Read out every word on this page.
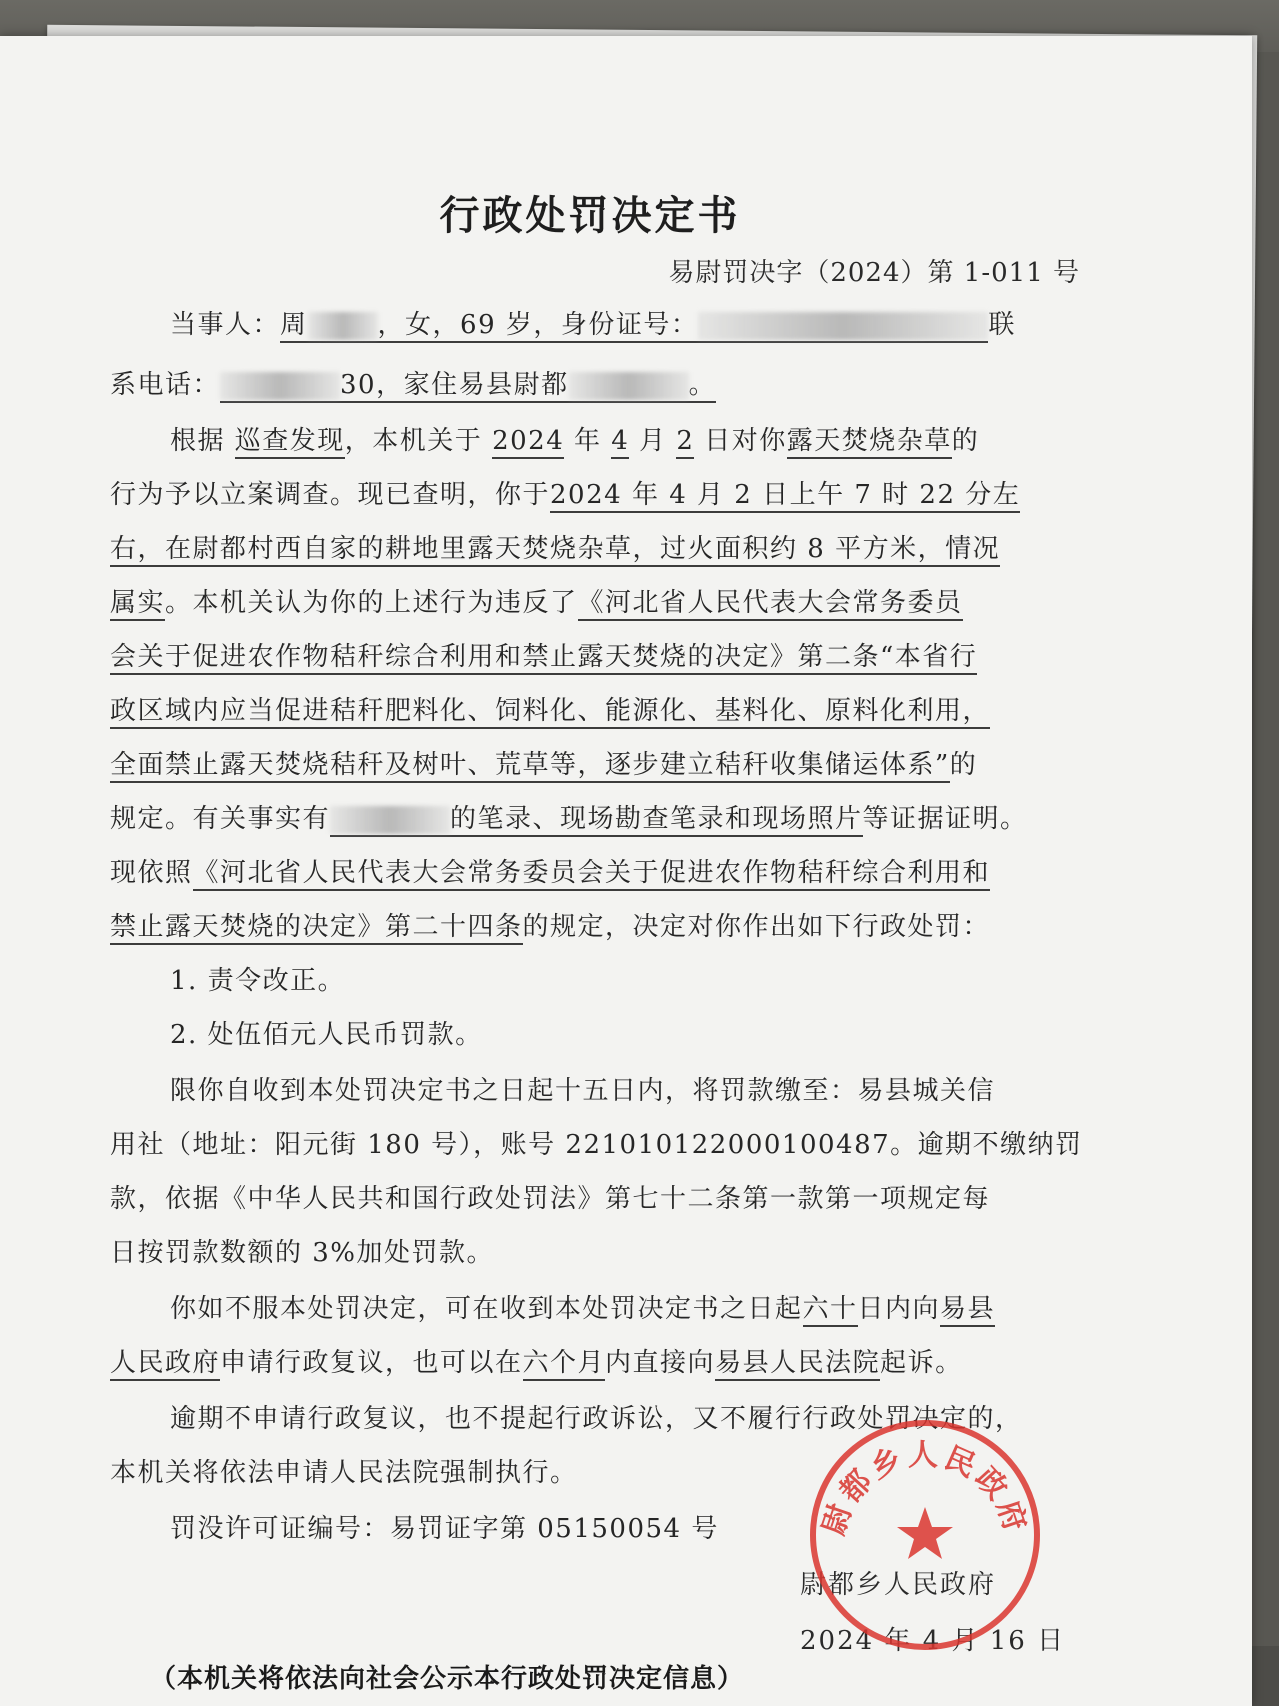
行政处罚决定书
易尉罚决字（2024）第 1-011 号
当事人：周	，女，69 岁，身份证号：	联
系电话：	30，家住易县尉都	。
根据 巡查发现，本机关于 2024 年 4 月 2 日对你露天焚烧杂草的
行为予以立案调查。现已查明，你于2024 年 4 月 2 日上午 7 时 22 分左
右，在尉都村西自家的耕地里露天焚烧杂草，过火面积约 8 平方米，情况
属实。本机关认为你的上述行为违反了《河北省人民代表大会常务委员
会关于促进农作物秸秆综合利用和禁止露天焚烧的决定》第二条“本省行
政区域内应当促进秸秆肥料化、饲料化、能源化、基料化、原料化利用，
全面禁止露天焚烧秸秆及树叶、荒草等，逐步建立秸秆收集储运体系”的
规定。有关事实有	的笔录、现场勘查笔录和现场照片等证据证明。
现依照《河北省人民代表大会常务委员会关于促进农作物秸秆综合利用和
禁止露天焚烧的决定》第二十四条的规定，决定对你作出如下行政处罚：
1. 责令改正。
2. 处伍佰元人民币罚款。
限你自收到本处罚决定书之日起十五日内，将罚款缴至：易县城关信
用社（地址：阳元街 180 号），账号 221010122000100487。逾期不缴纳罚
款，依据《中华人民共和国行政处罚法》第七十二条第一款第一项规定每
日按罚款数额的 3%加处罚款。
你如不服本处罚决定，可在收到本处罚决定书之日起六十日内向易县
人民政府申请行政复议，也可以在六个月内直接向易县人民法院起诉。
逾期不申请行政复议，也不提起行政诉讼，又不履行行政处罚决定的，
本机关将依法申请人民法院强制执行。
罚没许可证编号：易罚证字第 05150054 号
尉都乡人民政府
2024 年 4 月 16 日
（本机关将依法向社会公示本行政处罚决定信息）
尉都乡人民政府
